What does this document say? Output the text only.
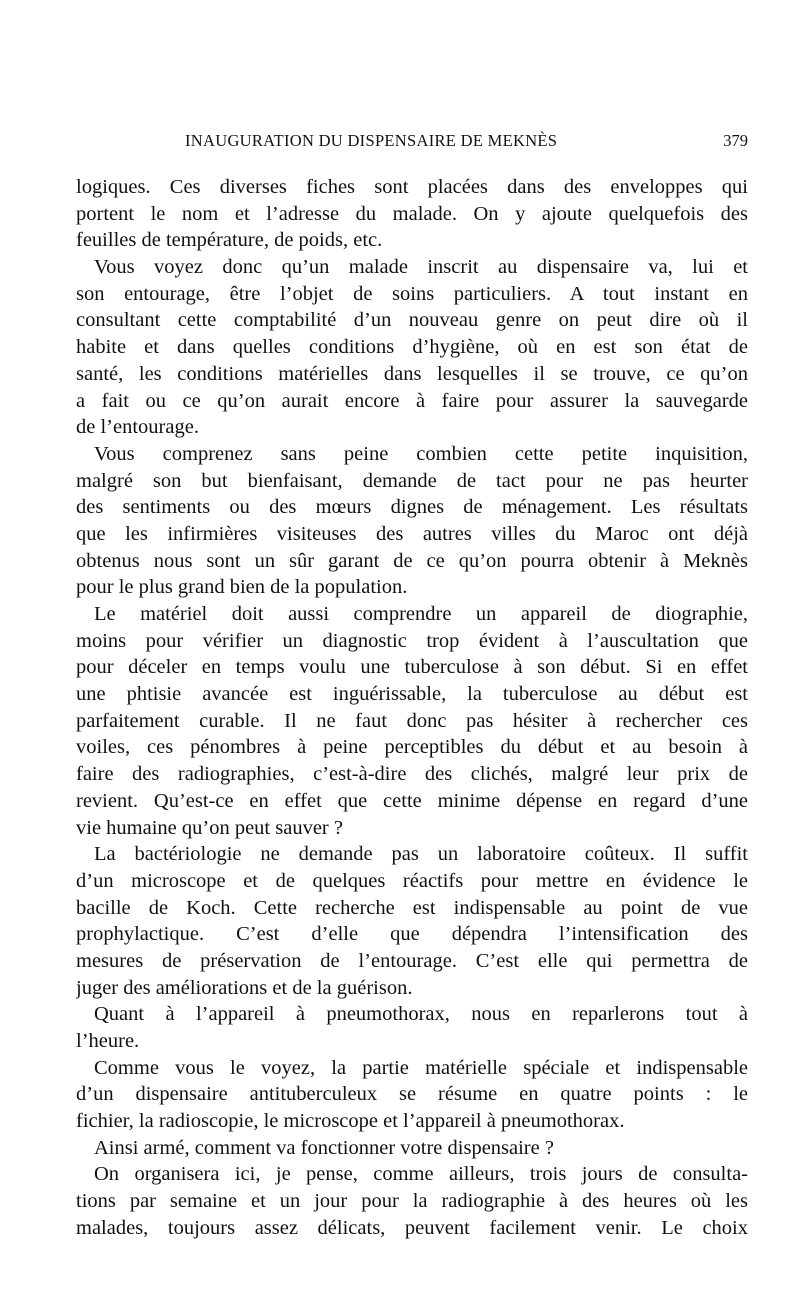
INAUGURATION DU DISPENSAIRE DE MEKNÈS	379
logiques. Ces diverses fiches sont placées dans des enveloppes qui
portent le nom et l’adresse du malade. On y ajoute quelquefois des
feuilles de température, de poids, etc.
Vous voyez donc qu’un malade inscrit au dispensaire va, lui et
son entourage, être l’objet de soins particuliers. A tout instant en
consultant cette comptabilité d’un nouveau genre on peut dire où il
habite et dans quelles conditions d’hygiène, où en est son état de
santé, les conditions matérielles dans lesquelles il se trouve, ce qu’on
a fait ou ce qu’on aurait encore à faire pour assurer la sauvegarde
de l’entourage.
Vous comprenez sans peine combien cette petite inquisition,
malgré son but bienfaisant, demande de tact pour ne pas heurter
des sentiments ou des mœurs dignes de ménagement. Les résultats
que les infirmières visiteuses des autres villes du Maroc ont déjà
obtenus nous sont un sûr garant de ce qu’on pourra obtenir à Meknès
pour le plus grand bien de la population.
Le matériel doit aussi comprendre un appareil de diographie,
moins pour vérifier un diagnostic trop évident à l’auscultation que
pour déceler en temps voulu une tuberculose à son début. Si en effet
une phtisie avancée est inguérissable, la tuberculose au début est
parfaitement curable. Il ne faut donc pas hésiter à rechercher ces
voiles, ces pénombres à peine perceptibles du début et au besoin à
faire des radiographies, c’est-à-dire des clichés, malgré leur prix de
revient. Qu’est-ce en effet que cette minime dépense en regard d’une
vie humaine qu’on peut sauver ?
La bactériologie ne demande pas un laboratoire coûteux. Il suffit
d’un microscope et de quelques réactifs pour mettre en évidence le
bacille de Koch. Cette recherche est indispensable au point de vue
prophylactique. C’est d’elle que dépendra l’intensification des
mesures de préservation de l’entourage. C’est elle qui permettra de
juger des améliorations et de la guérison.
Quant à l’appareil à pneumothorax, nous en reparlerons tout à
l’heure.
Comme vous le voyez, la partie matérielle spéciale et indispensable
d’un dispensaire antituberculeux se résume en quatre points : le
fichier, la radioscopie, le microscope et l’appareil à pneumothorax.
Ainsi armé, comment va fonctionner votre dispensaire ?
On organisera ici, je pense, comme ailleurs, trois jours de consulta-
tions par semaine et un jour pour la radiographie à des heures où les
malades, toujours assez délicats, peuvent facilement venir. Le choix
